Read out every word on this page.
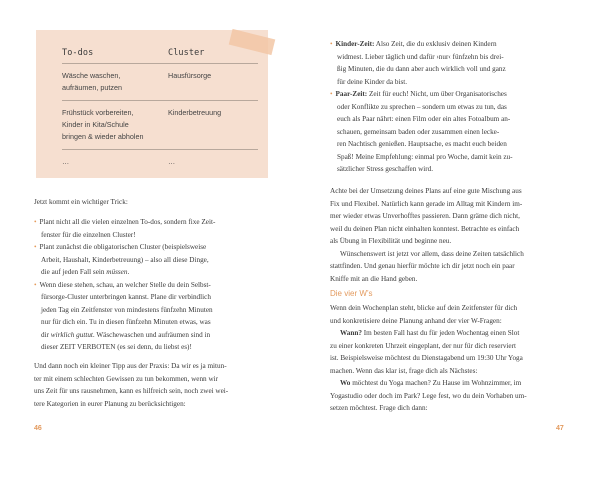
To-dos	Cluster
Wäsche waschen,
aufräumen, putzen
Hausfürsorge
Frühstück vorbereiten,
Kinder in Kita/Schule
bringen & wieder abholen
Kinderbetreuung
…	…
Jetzt kommt ein wichtiger Trick:
• Plant nicht all die vielen einzelnen To-dos, sondern fixe Zeit-
fenster für die einzelnen Cluster!
• Plant zunächst die obligatorischen Cluster (beispielsweise
Arbeit, Haushalt, Kinderbetreuung) – also all diese Dinge,
die auf jeden Fall sein müssen.
• Wenn diese stehen, schau, an welcher Stelle du dein Selbst-
fürsorge-Cluster unterbringen kannst. Plane dir verbindlich
jeden Tag ein Zeitfenster von mindestens fünfzehn Minuten
nur für dich ein. Tu in diesen fünfzehn Minuten etwas, was
dir wirklich guttut. Wäschewaschen und aufräumen sind in
dieser ZEIT VERBOTEN (es sei denn, du liebst es)!
Und dann noch ein kleiner Tipp aus der Praxis: Da wir es ja mitun-
ter mit einem schlechten Gewissen zu tun bekommen, wenn wir
uns Zeit für uns rausnehmen, kann es hilfreich sein, noch zwei wei-
tere Kategorien in eurer Planung zu berücksichtigen:
46
• Kinder-Zeit: Also Zeit, die du exklusiv deinen Kindern
widmest. Lieber täglich und dafür ›nur‹ fünfzehn bis drei-
ßig Minuten, die du dann aber auch wirklich voll und ganz
für deine Kinder da bist.
• Paar-Zeit: Zeit für euch! Nicht, um über Organisatorisches
oder Konflikte zu sprechen – sondern um etwas zu tun, das
euch als Paar nährt: einen Film oder ein altes Fotoalbum an-
schauen, gemeinsam baden oder zusammen einen lecke-
ren Nachtisch genießen. Hauptsache, es macht euch beiden
Spaß! Meine Empfehlung: einmal pro Woche, damit kein zu-
sätzlicher Stress geschaffen wird.
Achte bei der Umsetzung deines Plans auf eine gute Mischung aus
Fix und Flexibel. Natürlich kann gerade im Alltag mit Kindern im-
mer wieder etwas Unverhofftes passieren. Dann gräme dich nicht,
weil du deinen Plan nicht einhalten konntest. Betrachte es einfach
als Übung in Flexibilität und beginne neu.
Wünschenswert ist jetzt vor allem, dass deine Zeiten tatsächlich
stattfinden. Und genau hierfür möchte ich dir jetzt noch ein paar
Kniffe mit an die Hand geben.
Die vier W’s
Wenn dein Wochenplan steht, blicke auf dein Zeitfenster für dich
und konkretisiere deine Planung anhand der vier W-Fragen:
Wann? Im besten Fall hast du für jeden Wochentag einen Slot
zu einer konkreten Uhrzeit eingeplant, der nur für dich reserviert
ist. Beispielsweise möchtest du Dienstagabend um 19:30 Uhr Yoga
machen. Wenn das klar ist, frage dich als Nächstes:
Wo möchtest du Yoga machen? Zu Hause im Wohnzimmer, im
Yogastudio oder doch im Park? Lege fest, wo du dein Vorhaben um-
setzen möchtest. Frage dich dann:
47
